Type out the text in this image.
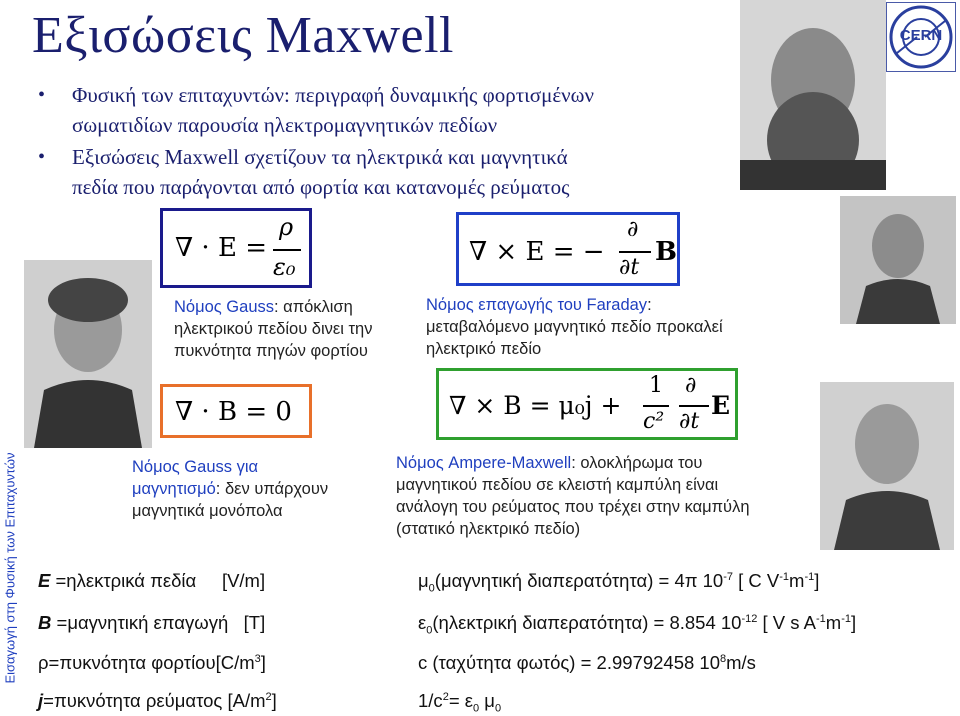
Εξισώσεις Maxwell	CERN
Εισαγωγή στη Φυσική των Επιταχυντών
• Φυσική των επιταχυντών: περιγραφή δυναμικής φορτισμένων
σωματιδίων παρουσία ηλεκτρομαγνητικών πεδίων
• Εξισώσεις Maxwell σχετίζουν τα ηλεκτρικά και μαγνητικά
πεδία που παράγονται από φορτία και κατανομές ρεύματος
∇ · E =
ρ
ε₀
Νόμος Gauss: απόκλιση
ηλεκτρικού πεδίου δινει την
πυκνότητα πηγών φορτίου
∇ · B = 0
Νόμος Gauss για
μαγνητισμό: δεν υπάρχουν
μαγνητικά μονόπολα
∇ × E = −
∂
∂t
B
Νόμος επαγωγής του Faraday:
μεταβαλόμενο μαγνητικό πεδίο προκαλεί
ηλεκτρικό πεδίο
∇ × B = μ₀j +
1
c²
∂
∂t
E
Νόμος Ampere-Maxwell: ολοκλήρωμα του
μαγνητικού πεδίου σε κλειστή καμπύλη είναι
ανάλογη του ρεύματος που τρέχει στην καμπύλη
(στατικό ηλεκτρικό πεδίο)
E =ηλεκτρικά πεδία     [V/m]
B =μαγνητική επαγωγή   [T]
ρ=πυκνότητα $\varphi o\rho\tau ίo\upsilon[C/m^3]$
j=πυκνότητα ρεύματος $[A/m^2]$
$\mu_0(\mu\alpha\gamma\nu\eta\tau\iota\kappa ή$ διαπερατότητα) = 4π $10^{-7}$ [ C $V^{-1}m^{-1}$]
$\varepsilon_0(\eta\lambda\varepsilon\kappa\tau\rho\iota\kappa ή$ διαπερατότητα) = 8.854 $10^{-12}$ [ V s $A^{-1}m^{-1}$]
c (ταχύτητα φωτός) = 2.99792458 $10^8m/s$
$1/c^2= \varepsilon_0$ $\mu_0$
